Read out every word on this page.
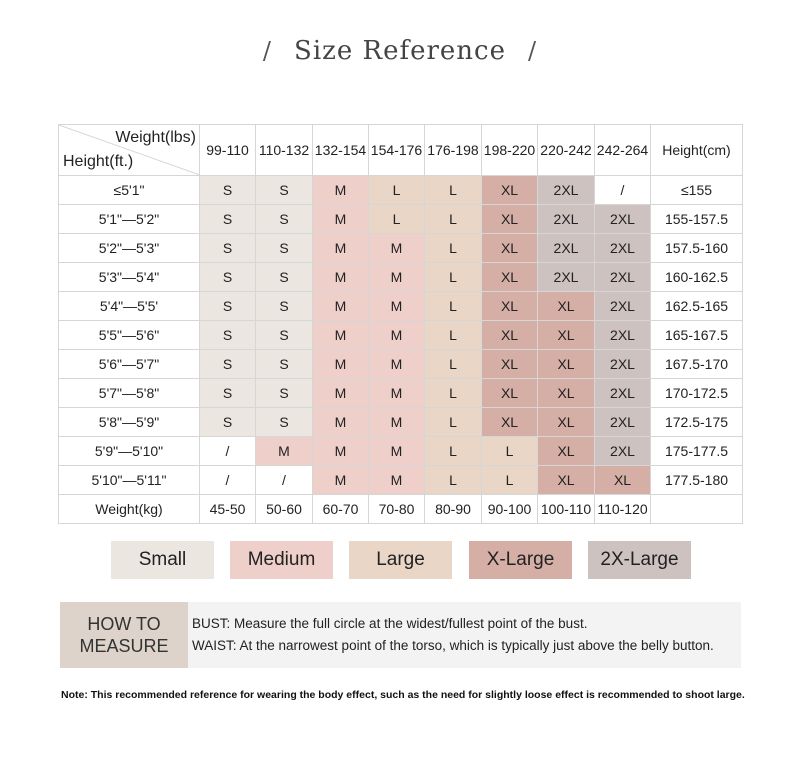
/ Size Reference /
Weight(lbs)
Height(ft.)	99-110	110-132	132-154	154-176	176-198	198-220	220-242	242-264	Height(cm)
≤5'1"	S	S	M	L	L	XL	2XL	/	≤155
5'1"—5'2"	S	S	M	L	L	XL	2XL	2XL	155-157.5
5'2"—5'3"	S	S	M	M	L	XL	2XL	2XL	157.5-160
5'3"—5'4"	S	S	M	M	L	XL	2XL	2XL	160-162.5
5'4"—5'5'	S	S	M	M	L	XL	XL	2XL	162.5-165
5'5"—5'6"	S	S	M	M	L	XL	XL	2XL	165-167.5
5'6"—5'7"	S	S	M	M	L	XL	XL	2XL	167.5-170
5'7"—5'8"	S	S	M	M	L	XL	XL	2XL	170-172.5
5'8"—5'9"	S	S	M	M	L	XL	XL	2XL	172.5-175
5'9"—5'10"	/	M	M	M	L	L	XL	2XL	175-177.5
5'10"—5'11"	/	/	M	M	L	L	XL	XL	177.5-180
Weight(kg)	45-50	50-60	60-70	70-80	80-90	90-100	100-110	110-120	
Small	Medium	Large	X-Large 2X-Large
HOW TO
MEASURE
BUST: Measure the full circle at the widest/fullest point of the bust.
WAIST: At the narrowest point of the torso, which is typically just above the belly button.
Note: This recommended reference for wearing the body effect, such as the need for slightly loose effect is recommended to shoot large.
